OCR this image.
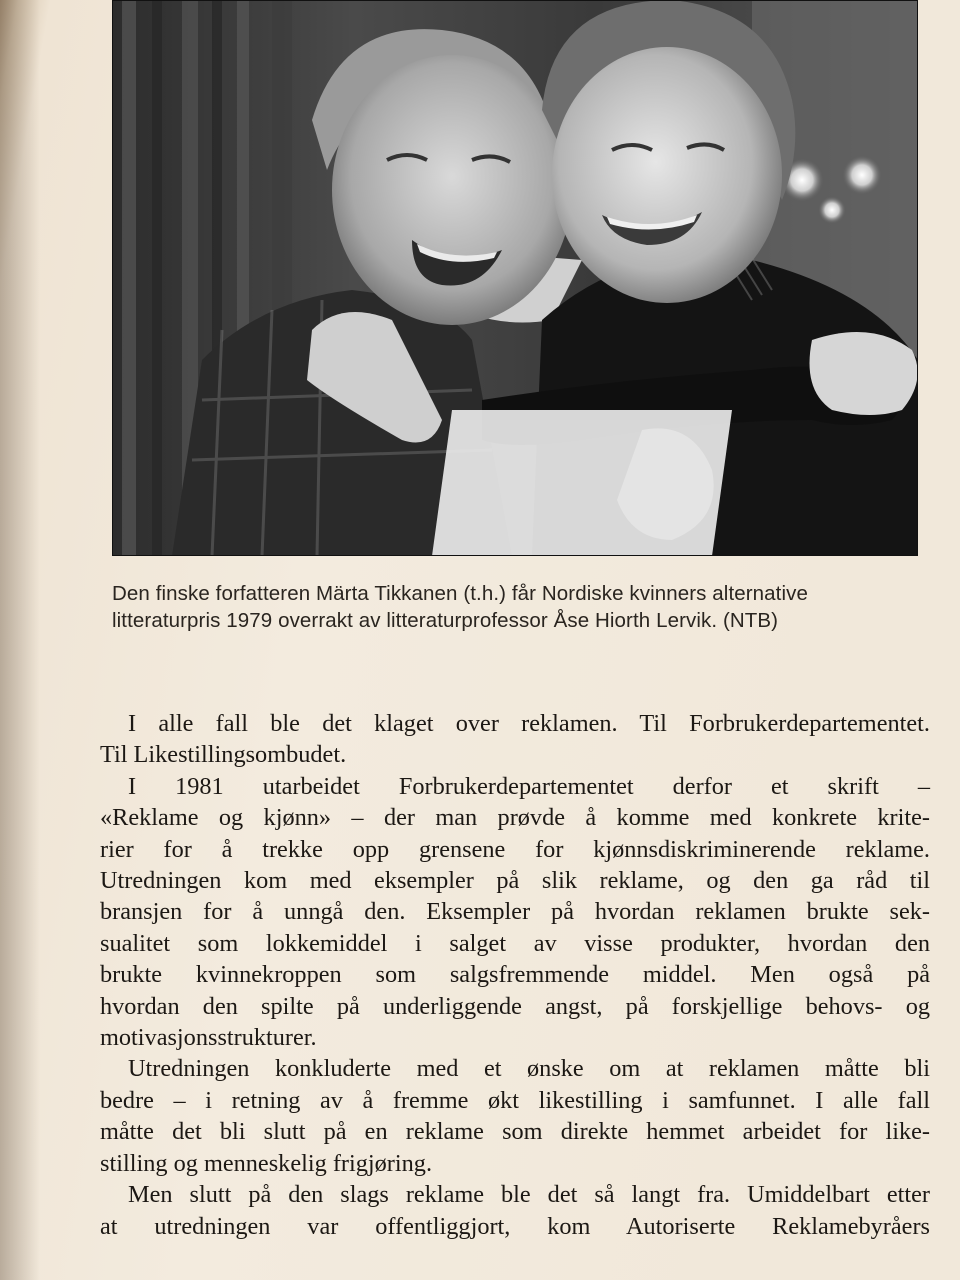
Den finske forfatteren Märta Tikkanen (t.h.) får Nordiske kvinners alternative
litteraturpris 1979 overrakt av litteraturprofessor Åse Hiorth Lervik. (NTB)
I alle fall ble det klaget over reklamen. Til Forbrukerdepartementet.
Til Likestillingsombudet.
I 1981 utarbeidet Forbrukerdepartementet derfor et skrift –
«Reklame og kjønn» – der man prøvde å komme med konkrete krite-
rier for å trekke opp grensene for kjønnsdiskriminerende reklame.
Utredningen kom med eksempler på slik reklame, og den ga råd til
bransjen for å unngå den. Eksempler på hvordan reklamen brukte sek-
sualitet som lokkemiddel i salget av visse produkter, hvordan den
brukte kvinnekroppen som salgsfremmende middel. Men også på
hvordan den spilte på underliggende angst, på forskjellige behovs- og
motivasjonsstrukturer.
Utredningen konkluderte med et ønske om at reklamen måtte bli
bedre – i retning av å fremme økt likestilling i samfunnet. I alle fall
måtte det bli slutt på en reklame som direkte hemmet arbeidet for like-
stilling og menneskelig frigjøring.
Men slutt på den slags reklame ble det så langt fra. Umiddelbart etter
at utredningen var offentliggjort, kom Autoriserte Reklamebyråers
